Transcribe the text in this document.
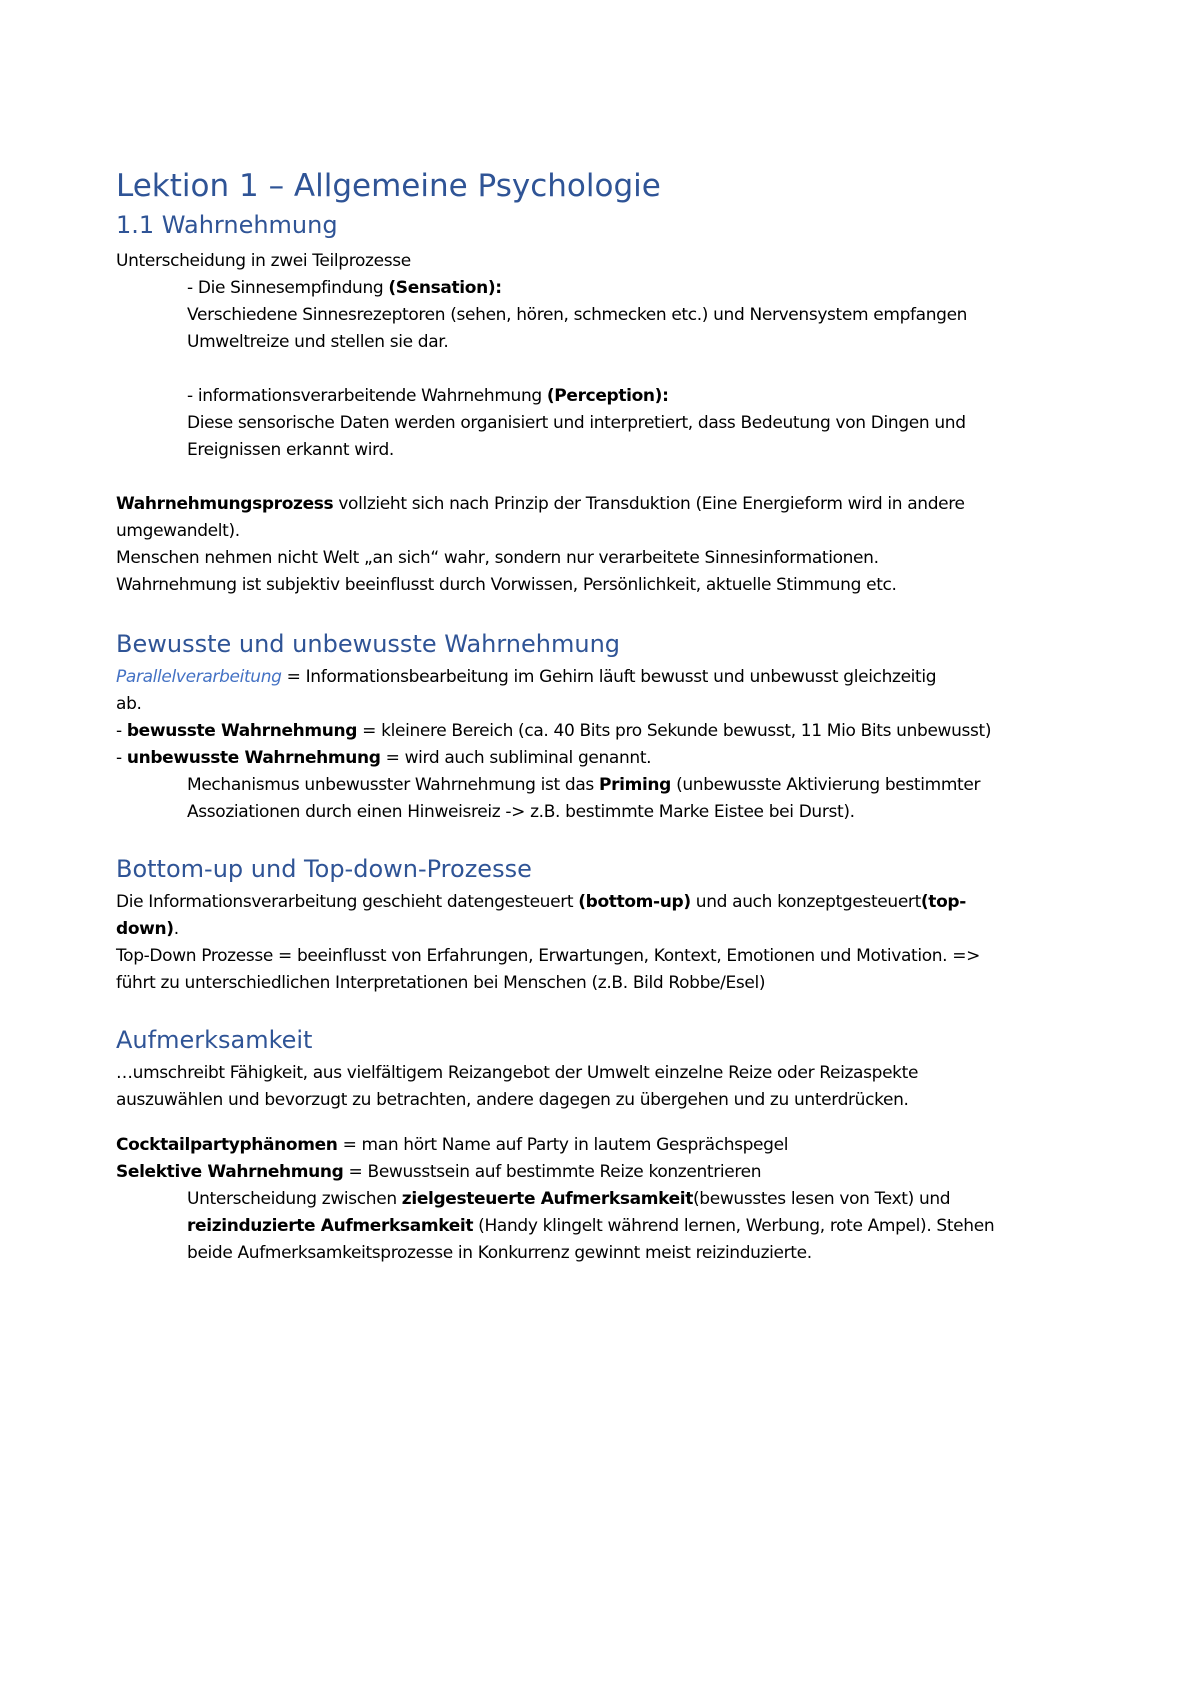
Lektion 1 – Allgemeine Psychologie
1.1 Wahrnehmung

Unterscheidung in zwei Teilprozesse

- Die Sinnesempfindung (Sensation):

Verschiedene Sinnesrezeptoren (sehen, hören, schmecken etc.) und Nervensystem empfangen

Umweltreize und stellen sie dar.

- informationsverarbeitende Wahrnehmung (Perception):

Diese sensorische Daten werden organisiert und interpretiert, dass Bedeutung von Dingen und

Ereignissen erkannt wird.

Wahrnehmungsprozess vollzieht sich nach Prinzip der Transduktion (Eine Energieform wird in andere

umgewandelt).

Menschen nehmen nicht Welt „an sich“ wahr, sondern nur verarbeitete Sinnesinformationen.

Wahrnehmung ist subjektiv beeinflusst durch Vorwissen, Persönlichkeit, aktuelle Stimmung etc.

Bewusste und unbewusste Wahrnehmung

Parallelverarbeitung = Informationsbearbeitung im Gehirn läuft bewusst und unbewusst gleichzeitig

ab.

- bewusste Wahrnehmung = kleinere Bereich (ca. 40 Bits pro Sekunde bewusst, 11 Mio Bits unbewusst)

- unbewusste Wahrnehmung = wird auch subliminal genannt.

Mechanismus unbewusster Wahrnehmung ist das Priming (unbewusste Aktivierung bestimmter

Assoziationen durch einen Hinweisreiz -> z.B. bestimmte Marke Eistee bei Durst).

Bottom-up und Top-down-Prozesse

Die Informationsverarbeitung geschieht datengesteuert (bottom-up) und auch konzeptgesteuert(top-

down).

Top-Down Prozesse = beeinflusst von Erfahrungen, Erwartungen, Kontext, Emotionen und Motivation. =>

führt zu unterschiedlichen Interpretationen bei Menschen (z.B. Bild Robbe/Esel)

Aufmerksamkeit

…umschreibt Fähigkeit, aus vielfältigem Reizangebot der Umwelt einzelne Reize oder Reizaspekte

auszuwählen und bevorzugt zu betrachten, andere dagegen zu übergehen und zu unterdrücken.

Cocktailpartyphänomen = man hört Name auf Party in lautem Gesprächspegel

Selektive Wahrnehmung = Bewusstsein auf bestimmte Reize konzentrieren

Unterscheidung zwischen zielgesteuerte Aufmerksamkeit(bewusstes lesen von Text) und

reizinduzierte Aufmerksamkeit (Handy klingelt während lernen, Werbung, rote Ampel). Stehen

beide Aufmerksamkeitsprozesse in Konkurrenz gewinnt meist reizinduzierte.
